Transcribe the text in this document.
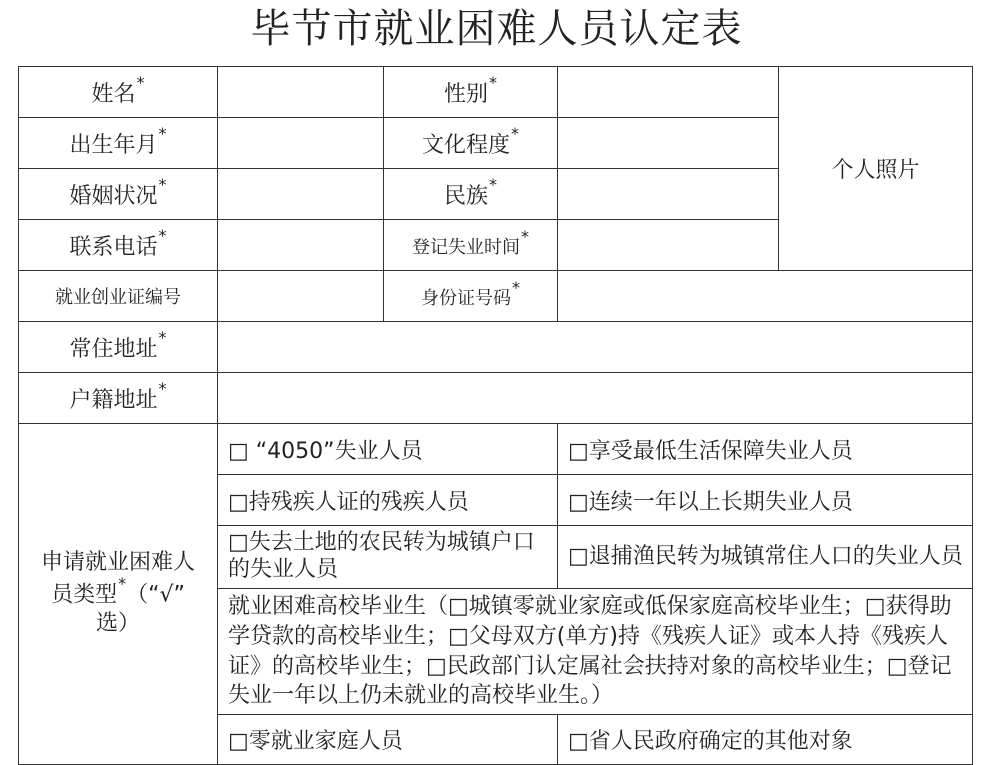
毕节市就业困难人员认定表
姓名*		性别*		个人照片
出生年月*		文化程度*	
婚姻状况*		民族*	
联系电话*		登记失业时间*	
就业创业证编号		身份证号码*	
常住地址*	
户籍地址*	
申请就业困难人
员类型*（“√”
选）	□ “4050”失业人员		□享受最低生活保障失业人员	
	□持残疾人证的残疾人员		□连续一年以上长期失业人员	
	□失去土地的农民转为城镇户口的失业人员		□退捕渔民转为城镇常住人口的失业人员	
	就业困难高校毕业生（□城镇零就业家庭或低保家庭高校毕业生；□获得助学贷款的高校毕业生；□父母双方(单方)持《残疾人证》或本人持《残疾人证》的高校毕业生；□民政部门认定属社会扶持对象的高校毕业生；□登记失业一年以上仍未就业的高校毕业生。）			
	□零就业家庭人员		□省人民政府确定的其他对象	
